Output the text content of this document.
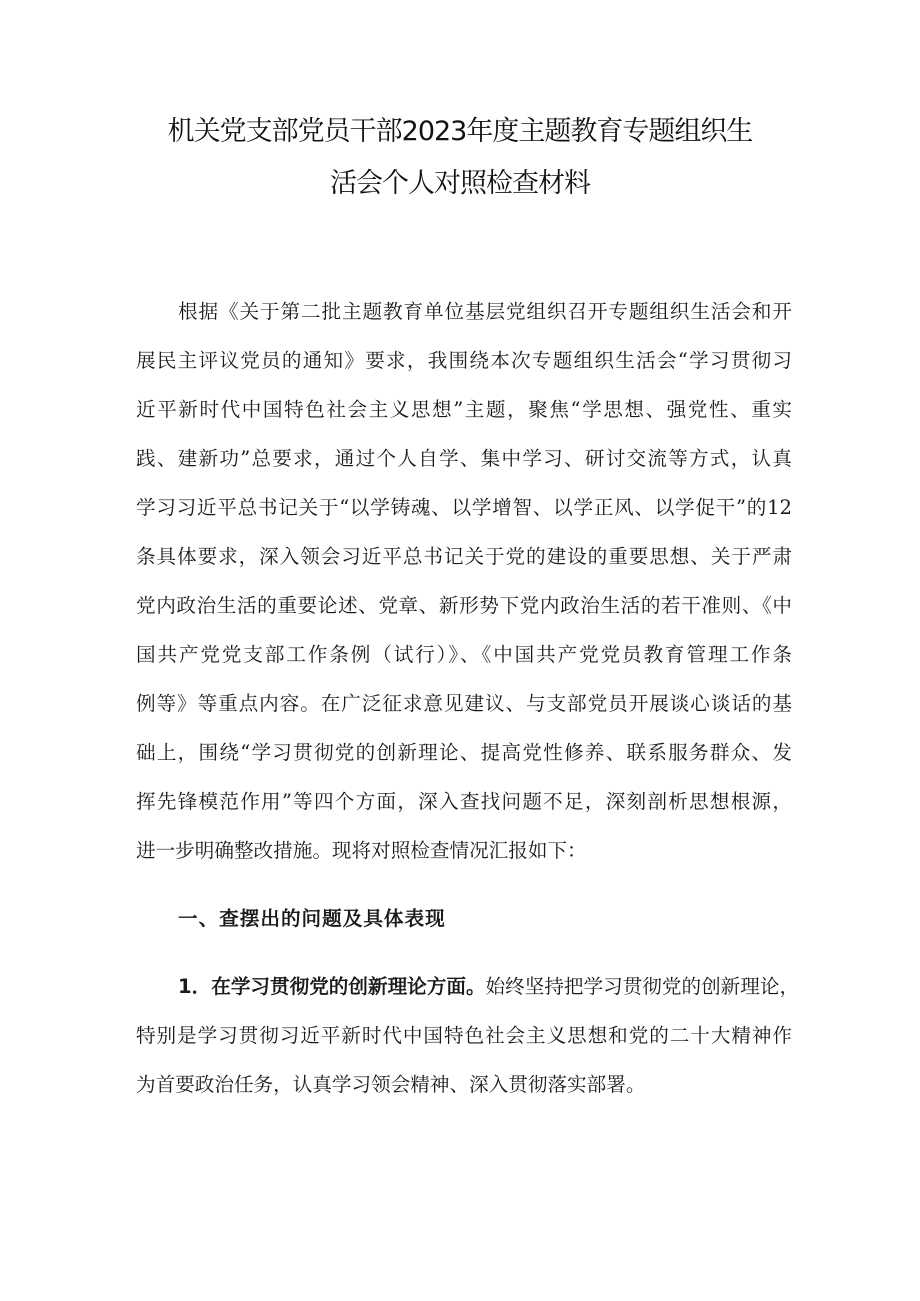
机关党支部党员干部2023年度主题教育专题组织生
活会个人对照检查材料
根据《关于第二批主题教育单位基层党组织召开专题组织生活会和开
展民主评议党员的通知》要求，我围绕本次专题组织生活会“学习贯彻习
近平新时代中国特色社会主义思想”主题，聚焦“学思想、强党性、重实
践、建新功”总要求，通过个人自学、集中学习、研讨交流等方式，认真
学习习近平总书记关于“以学铸魂、以学增智、以学正风、以学促干”的12
条具体要求，深入领会习近平总书记关于党的建设的重要思想、关于严肃
党内政治生活的重要论述、党章、新形势下党内政治生活的若干准则、《中
国共产党党支部工作条例（试行）》、《中国共产党党员教育管理工作条
例等》等重点内容。在广泛征求意见建议、与支部党员开展谈心谈话的基
础上，围绕“学习贯彻党的创新理论、提高党性修养、联系服务群众、发
挥先锋模范作用”等四个方面，深入查找问题不足，深刻剖析思想根源，
进一步明确整改措施。现将对照检查情况汇报如下：
一、查摆出的问题及具体表现
1．在学习贯彻党的创新理论方面。始终坚持把学习贯彻党的创新理论，
特别是学习贯彻习近平新时代中国特色社会主义思想和党的二十大精神作
为首要政治任务，认真学习领会精神、深入贯彻落实部署。
